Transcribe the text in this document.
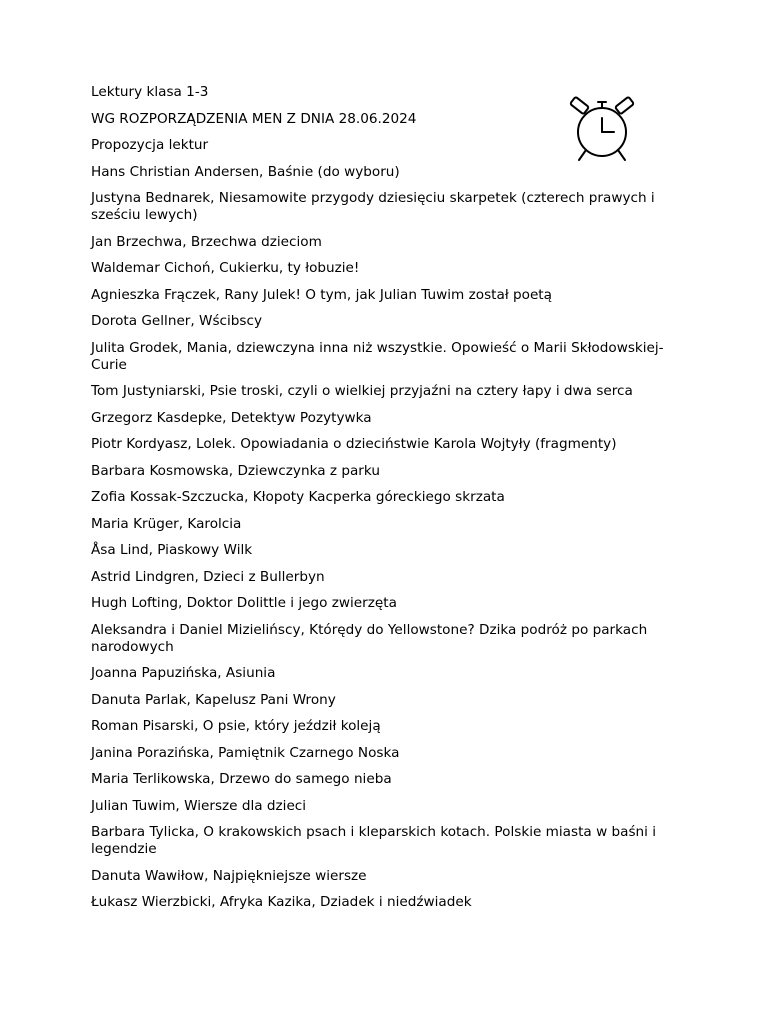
Lektury klasa 1-3

WG ROZPORZĄDZENIA MEN Z DNIA 28.06.2024

Propozycja lektur

Hans Christian Andersen, Baśnie (do wyboru)

Justyna Bednarek, Niesamowite przygody dziesięciu skarpetek (czterech prawych i sześciu lewych)

Jan Brzechwa, Brzechwa dzieciom

Waldemar Cichoń, Cukierku, ty łobuzie!

Agnieszka Frączek, Rany Julek! O tym, jak Julian Tuwim został poetą

Dorota Gellner, Wścibscy

Julita Grodek, Mania, dziewczyna inna niż wszystkie. Opowieść o Marii Skłodowskiej-Curie

Tom Justyniarski, Psie troski, czyli o wielkiej przyjaźni na cztery łapy i dwa serca

Grzegorz Kasdepke, Detektyw Pozytywka

Piotr Kordyasz, Lolek. Opowiadania o dzieciństwie Karola Wojtyły (fragmenty)

Barbara Kosmowska, Dziewczynka z parku

Zofia Kossak-Szczucka, Kłopoty Kacperka góreckiego skrzata

Maria Krüger, Karolcia

Åsa Lind, Piaskowy Wilk

Astrid Lindgren, Dzieci z Bullerbyn

Hugh Lofting, Doktor Dolittle i jego zwierzęta

Aleksandra i Daniel Mizielińscy, Którędy do Yellowstone? Dzika podróż po parkach narodowych

Joanna Papuzińska, Asiunia

Danuta Parlak, Kapelusz Pani Wrony

Roman Pisarski, O psie, który jeździł koleją

Janina Porazińska, Pamiętnik Czarnego Noska

Maria Terlikowska, Drzewo do samego nieba

Julian Tuwim, Wiersze dla dzieci

Barbara Tylicka, O krakowskich psach i kleparskich kotach. Polskie miasta w baśni i legendzie

Danuta Wawiłow, Najpiękniejsze wiersze

Łukasz Wierzbicki, Afryka Kazika, Dziadek i niedźwiadek
